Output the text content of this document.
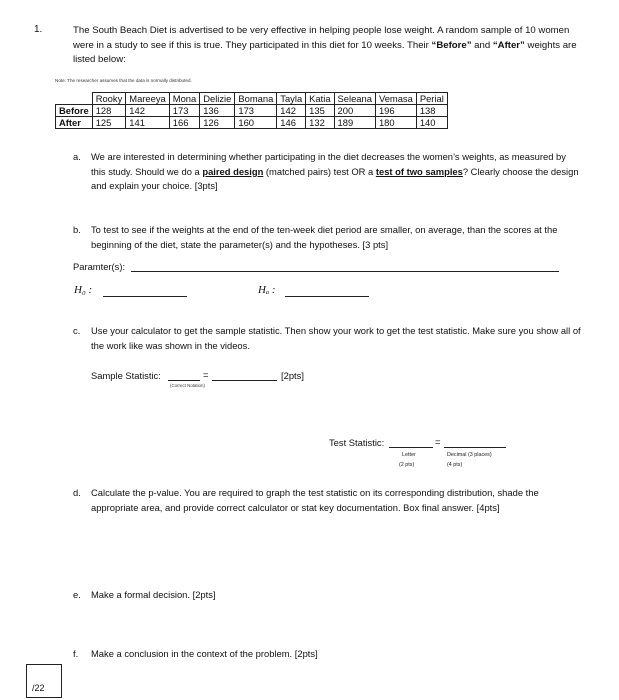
1.	The South Beach Diet is advertised to be very effective in helping people lose weight. A random sample of 10 women were in a study to see if this is true. They participated in this diet for 10 weeks. Their “Before” and “After” weights are listed below:
Note: The researcher assumes that the data is normally distributed.
	Rooky	Mareeya	Mona	Delizie	Bomana	Tayla	Katia	Seleana	Vemasa	Perial
Before	128	142	173	136	173	142	135	200	196	138
After	125	141	166	126	160	146	132	189	180	140
a. We are interested in determining whether participating in the diet decreases the women’s weights, as measured by this study. Should we do a paired design (matched pairs) test OR a test of two samples? Clearly choose the design and explain your choice. [3pts]
b. To test to see if the weights at the end of the ten-week diet period are smaller, on average, than the scores at the beginning of the diet, state the parameter(s) and the hypotheses. [3 pts]
Paramter(s):
H₀ :	Hₐ :
c. Use your calculator to get the sample statistic. Then show your work to get the test statistic. Make sure you show all of the work like was shown in the videos.
Sample Statistic:	=	[2pts]
(Correct Notation)
Test Statistic:	=
Letter
(2 pts)
Decimal (3 places)
(4 pts)
d. Calculate the p-value. You are required to graph the test statistic on its corresponding distribution, shade the appropriate area, and provide correct calculator or stat key documentation. Box final answer. [4pts]
e. Make a formal decision. [2pts]
f. Make a conclusion in the context of the problem. [2pts]
/22
